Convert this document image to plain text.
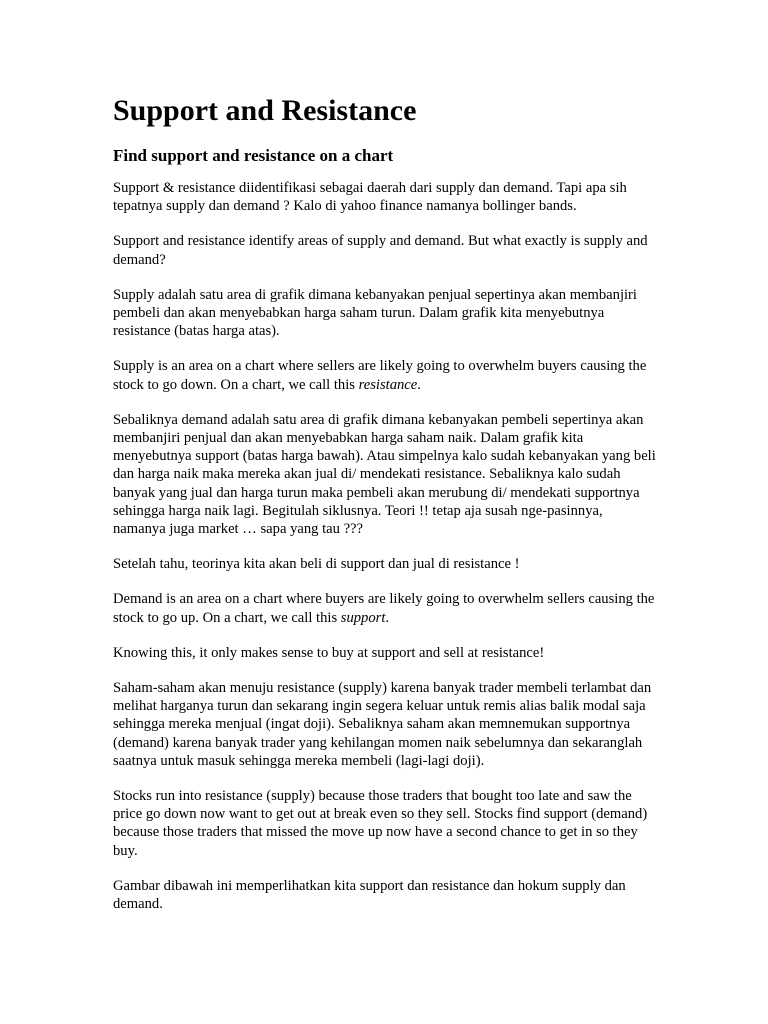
Support and Resistance
Find support and resistance on a chart

Support & resistance diidentifikasi sebagai daerah dari supply dan demand. Tapi apa sih tepatnya supply dan demand ? Kalo di yahoo finance namanya bollinger bands.

Support and resistance identify areas of supply and demand. But what exactly is supply and demand?

Supply adalah satu area di grafik dimana kebanyakan penjual sepertinya akan membanjiri pembeli dan akan menyebabkan harga saham turun. Dalam grafik kita menyebutnya resistance (batas harga atas).

Supply is an area on a chart where sellers are likely going to overwhelm buyers causing the stock to go down. On a chart, we call this resistance.

Sebaliknya demand adalah satu area di grafik dimana kebanyakan pembeli sepertinya akan membanjiri penjual dan akan menyebabkan harga saham naik. Dalam grafik kita menyebutnya support (batas harga bawah). Atau simpelnya kalo sudah kebanyakan yang beli dan harga naik maka mereka akan jual di/ mendekati resistance. Sebaliknya kalo sudah banyak yang jual dan harga turun maka pembeli akan merubung di/ mendekati supportnya sehingga harga naik lagi. Begitulah siklusnya. Teori !! tetap aja susah nge-pasinnya, namanya juga market … sapa yang tau ???

Setelah tahu, teorinya kita akan beli di support dan jual di resistance !

Demand is an area on a chart where buyers are likely going to overwhelm sellers causing the stock to go up. On a chart, we call this support.

Knowing this, it only makes sense to buy at support and sell at resistance!

Saham-saham akan menuju resistance (supply) karena banyak trader membeli terlambat dan melihat harganya turun dan sekarang ingin segera keluar untuk remis alias balik modal saja sehingga mereka menjual (ingat doji). Sebaliknya saham akan memnemukan supportnya (demand) karena banyak trader yang kehilangan momen naik sebelumnya dan sekaranglah saatnya untuk masuk sehingga mereka membeli (lagi-lagi doji).

Stocks run into resistance (supply) because those traders that bought too late and saw the price go down now want to get out at break even so they sell. Stocks find support (demand) because those traders that missed the move up now have a second chance to get in so they buy.

Gambar dibawah ini memperlihatkan kita support dan resistance dan hokum supply dan demand.
